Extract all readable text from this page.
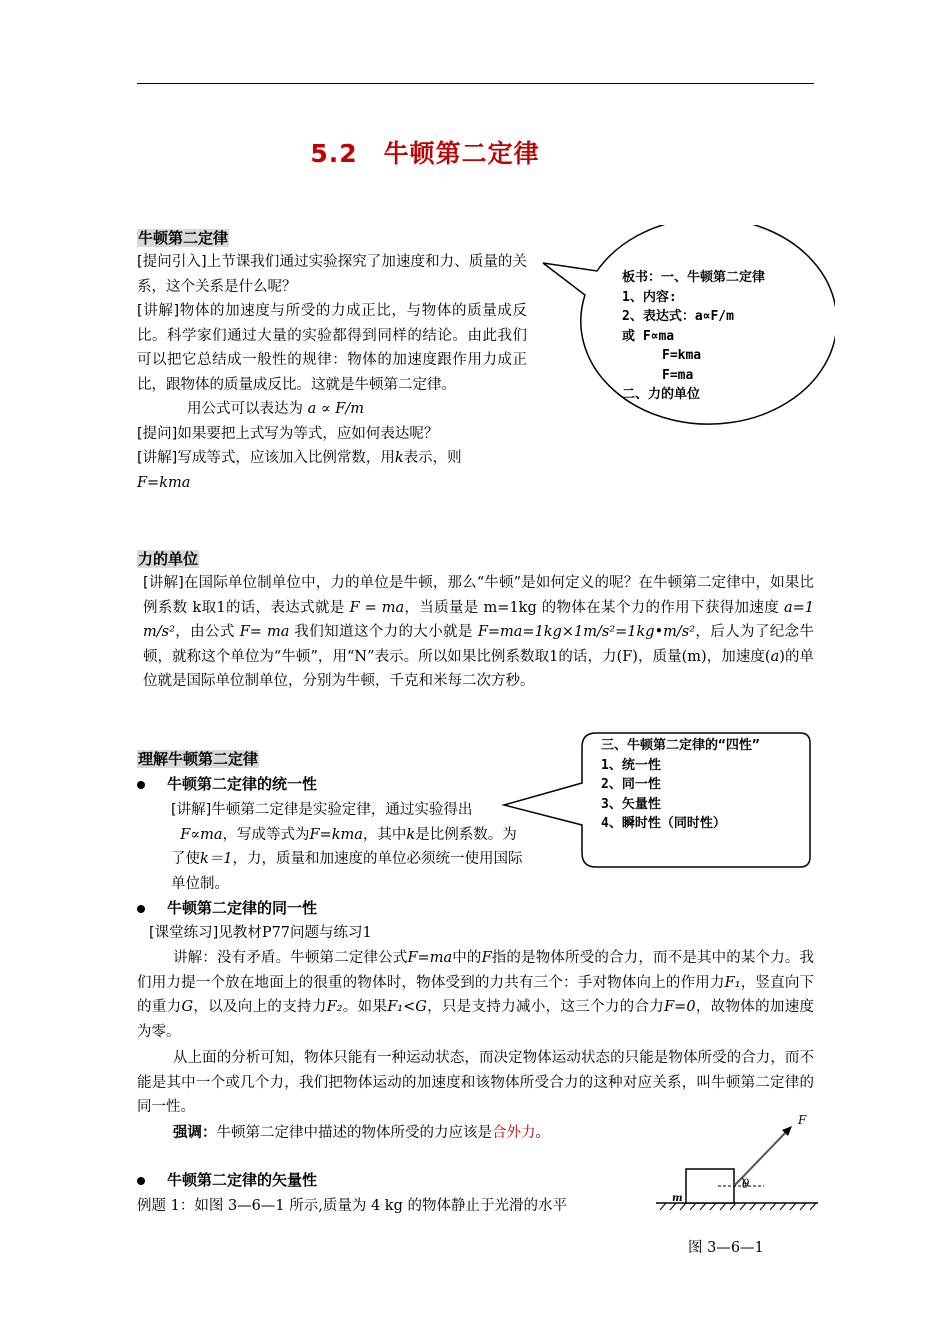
5.2　牛顿第二定律
牛顿第二定律
[提问引入]上节课我们通过实验探究了加速度和力、质量的关系，这个关系是什么呢？
[讲解]物体的加速度与所受的力成正比，与物体的质量成反比。科学家们通过大量的实验都得到同样的结论。由此我们可以把它总结成一般性的规律：物体的加速度跟作用力成正比，跟物体的质量成反比。这就是牛顿第二定律。
用公式可以表达为 a ∝ F/m
[提问]如果要把上式写为等式，应如何表达呢？
[讲解]写成等式，应该加入比例常数，用k表示，则
F=kma
板书：一、牛顿第二定律
1、内容:
2、表达式：a∝F/m
或 F∝ma
F=kma
F=ma
二、力的单位
力的单位
[讲解]在国际单位制单位中，力的单位是牛顿，那么“牛顿”是如何定义的呢？在牛顿第二定律中，如果比例系数 k取1的话，表达式就是 F = ma，当质量是 m=1kg 的物体在某个力的作用下获得加速度 a=1 m/s²，由公式 F= ma 我们知道这个力的大小就是 F=ma=1kg×1m/s²=1kg•m/s²，后人为了纪念牛顿，就称这个单位为“牛顿”，用“N”表示。所以如果比例系数取1的话，力(F)，质量(m)，加速度(a)的单位就是国际单位制单位，分别为牛顿，千克和米每二次方秒。
三、牛顿第二定律的“四性”
1、统一性
2、同一性
3、矢量性
4、瞬时性（同时性）
理解牛顿第二定律
牛顿第二定律的统一性
[讲解]牛顿第二定律是实验定律，通过实验得出
F∝ma，写成等式为F=kma，其中k是比例系数。为了使k＝1，力，质量和加速度的单位必须统一使用国际单位制。
牛顿第二定律的同一性
[课堂练习]见教材P77问题与练习1
讲解：没有矛盾。牛顿第二定律公式F=ma中的F指的是物体所受的合力，而不是其中的某个力。我们用力提一个放在地面上的很重的物体时，物体受到的力共有三个：手对物体向上的作用力F₁，竖直向下的重力G，以及向上的支持力F₂。如果F₁<G，只是支持力减小，这三个力的合力F=0，故物体的加速度为零。
从上面的分析可知，物体只能有一种运动状态，而决定物体运动状态的只能是物体所受的合力，而不能是其中一个或几个力，我们把物体运动的加速度和该物体所受合力的这种对应关系，叫牛顿第二定律的同一性。
强调：牛顿第二定律中描述的物体所受的力应该是合外力。
牛顿第二定律的矢量性
例题 1：如图 3—6—1 所示,质量为 4 kg 的物体静止于光滑的水平
F
m
θ
图 3—6—1
